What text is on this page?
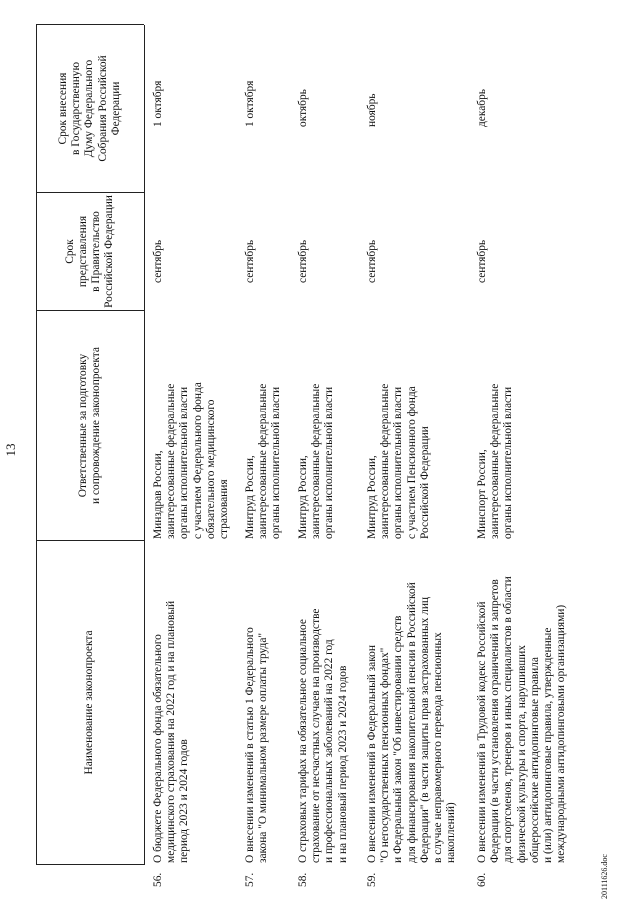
13
Наименование законопроекта
Ответственные за подготовку и сопровождение законопроекта
Срок представления в Правительство Российской Федерации
Срок внесения в Государственную Думу Федерального Собрания Российской Федерации
56.
О бюджете Федерального фонда обязательного медицинского страхования на 2022 год и на плановый период 2023 и 2024 годов
Минздрав России, заинтересованные федеральные органы исполнительной власти с участием Федерального фонда обязательного медицинского страхования
сентябрь
1 октября
57.
О внесении изменений в статью 1 Федерального закона "О минимальном размере оплаты труда"
Минтруд России, заинтересованные федеральные органы исполнительной власти
сентябрь
1 октября
58.
О страховых тарифах на обязательное социальное страхование от несчастных случаев на производстве и профессиональных заболеваний на 2022 год и на плановый период 2023 и 2024 годов
Минтруд России, заинтересованные федеральные органы исполнительной власти
сентябрь
октябрь
59.
О внесении изменений в Федеральный закон "О негосударственных пенсионных фондах" и Федеральный закон "Об инвестировании средств для финансирования накопительной пенсии в Российской Федерации" (в части защиты прав застрахованных лиц в случае неправомерного перевода пенсионных накоплений)
Минтруд России, заинтересованные федеральные органы исполнительной власти с участием Пенсионного фонда Российской Федерации
сентябрь
ноябрь
60.
О внесении изменений в Трудовой кодекс Российской Федерации (в части установления ограничений и запретов для спортсменов, тренеров и иных специалистов в области физической культуры и спорта, нарушивших общероссийские антидопинговые правила и (или) антидопинговые правила, утвержденные международными антидопинговыми организациями)
Минспорт России, заинтересованные федеральные органы исполнительной власти
сентябрь
декабрь
20111626.doc
